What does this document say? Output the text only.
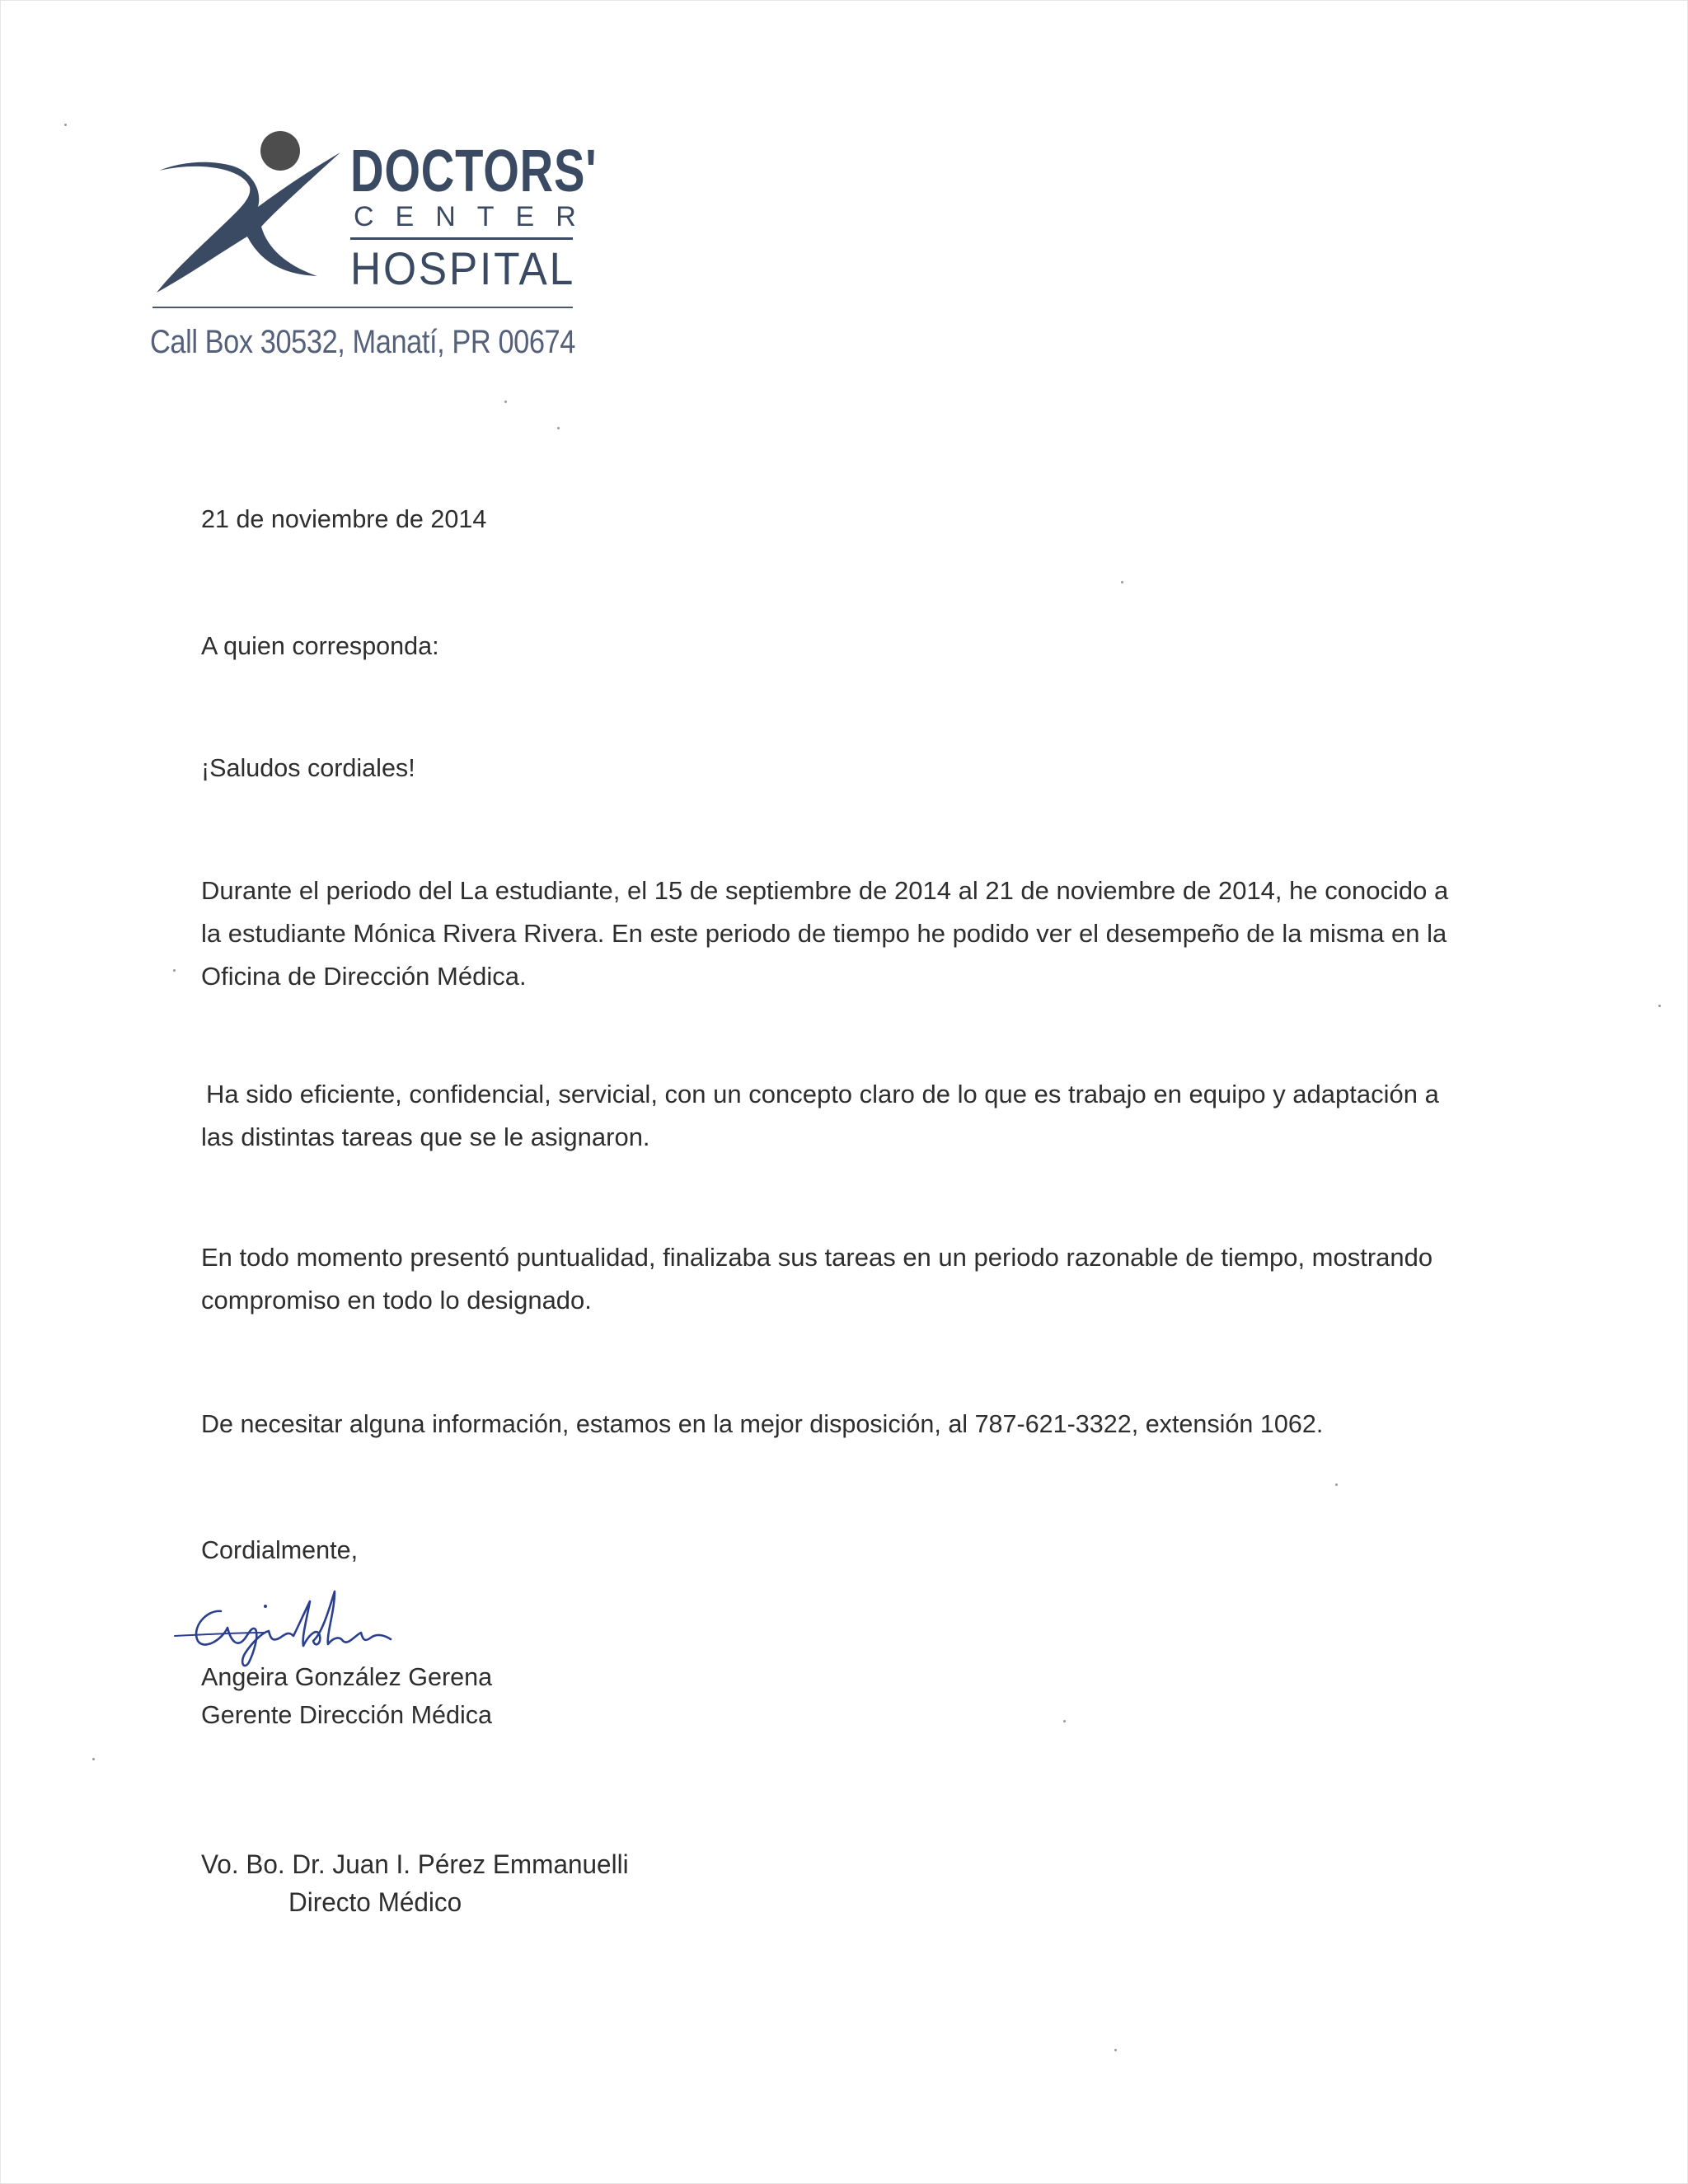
DOCTORS'
CENTER
HOSPITAL
Call Box 30532, Manatí, PR 00674
21 de noviembre de 2014
A quien corresponda:
¡Saludos cordiales!
Durante el periodo del La estudiante, el 15 de septiembre de 2014 al 21 de noviembre de 2014, he conocido a
la estudiante Mónica Rivera Rivera. En este periodo de tiempo he podido ver el desempeño de la misma en la
Oficina de Dirección Médica.
Ha sido eficiente, confidencial, servicial, con un concepto claro de lo que es trabajo en equipo y adaptación a
las distintas tareas que se le asignaron.
En todo momento presentó puntualidad, finalizaba sus tareas en un periodo razonable de tiempo, mostrando
compromiso en todo lo designado.
De necesitar alguna información, estamos en la mejor disposición, al 787-621-3322, extensión 1062.
Cordialmente,
Angeira González Gerena
Gerente Dirección Médica
Vo. Bo. Dr. Juan I. Pérez Emmanuelli
Directo Médico
